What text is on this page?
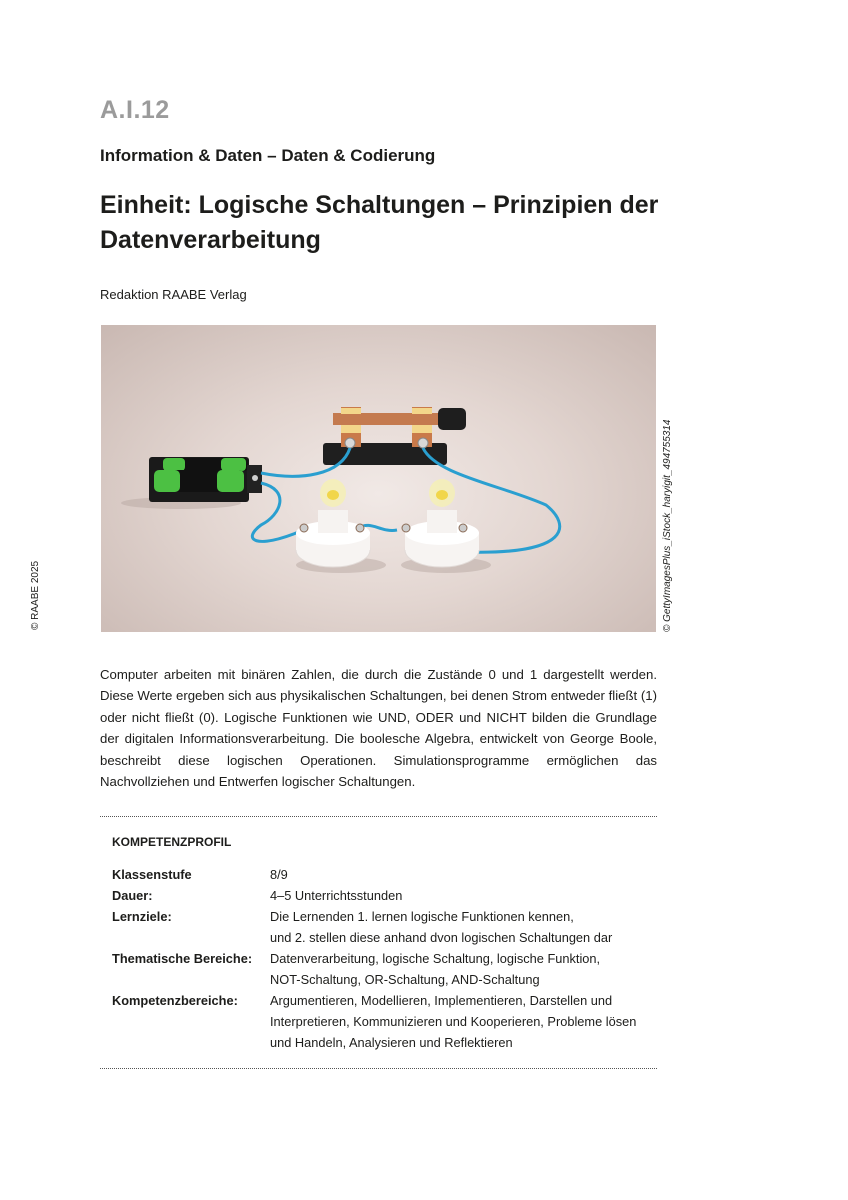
A.I.12
Information & Daten – Daten & Codierung
Einheit: Logische Schaltungen – Prinzipien der Datenverarbeitung
Redaktion RAABE Verlag
© RAABE 2025	© GettyImagesPlus_iStock_haryigit_494755314
Computer arbeiten mit binären Zahlen, die durch die Zustände 0 und 1 dargestellt werden. Diese Werte ergeben sich aus physikalischen Schaltungen, bei denen Strom entweder fließt (1) oder nicht fließt (0). Logische Funktionen wie UND, ODER und NICHT bilden die Grundlage der digitalen Informationsverarbeitung. Die boolesche Algebra, entwickelt von George Boole, beschreibt diese logischen Operationen. Simulationsprogramme ermöglichen das Nachvollziehen und Entwerfen logischer Schaltungen.
KOMPETENZPROFIL
Klassenstufe	8/9
Dauer:	4–5 Unterrichtsstunden
Lernziele:	Die Lernenden 1. lernen logische Funktionen kennen,
und 2. stellen diese anhand dvon logischen Schaltungen dar
Thematische Bereiche:	Datenverarbeitung, logische Schaltung, logische Funktion,
NOT-Schaltung, OR-Schaltung, AND-Schaltung
Kompetenzbereiche:	Argumentieren, Modellieren, Implementieren, Darstellen und
Interpretieren, Kommunizieren und Kooperieren, Probleme lösen
und Handeln, Analysieren und Reflektieren
